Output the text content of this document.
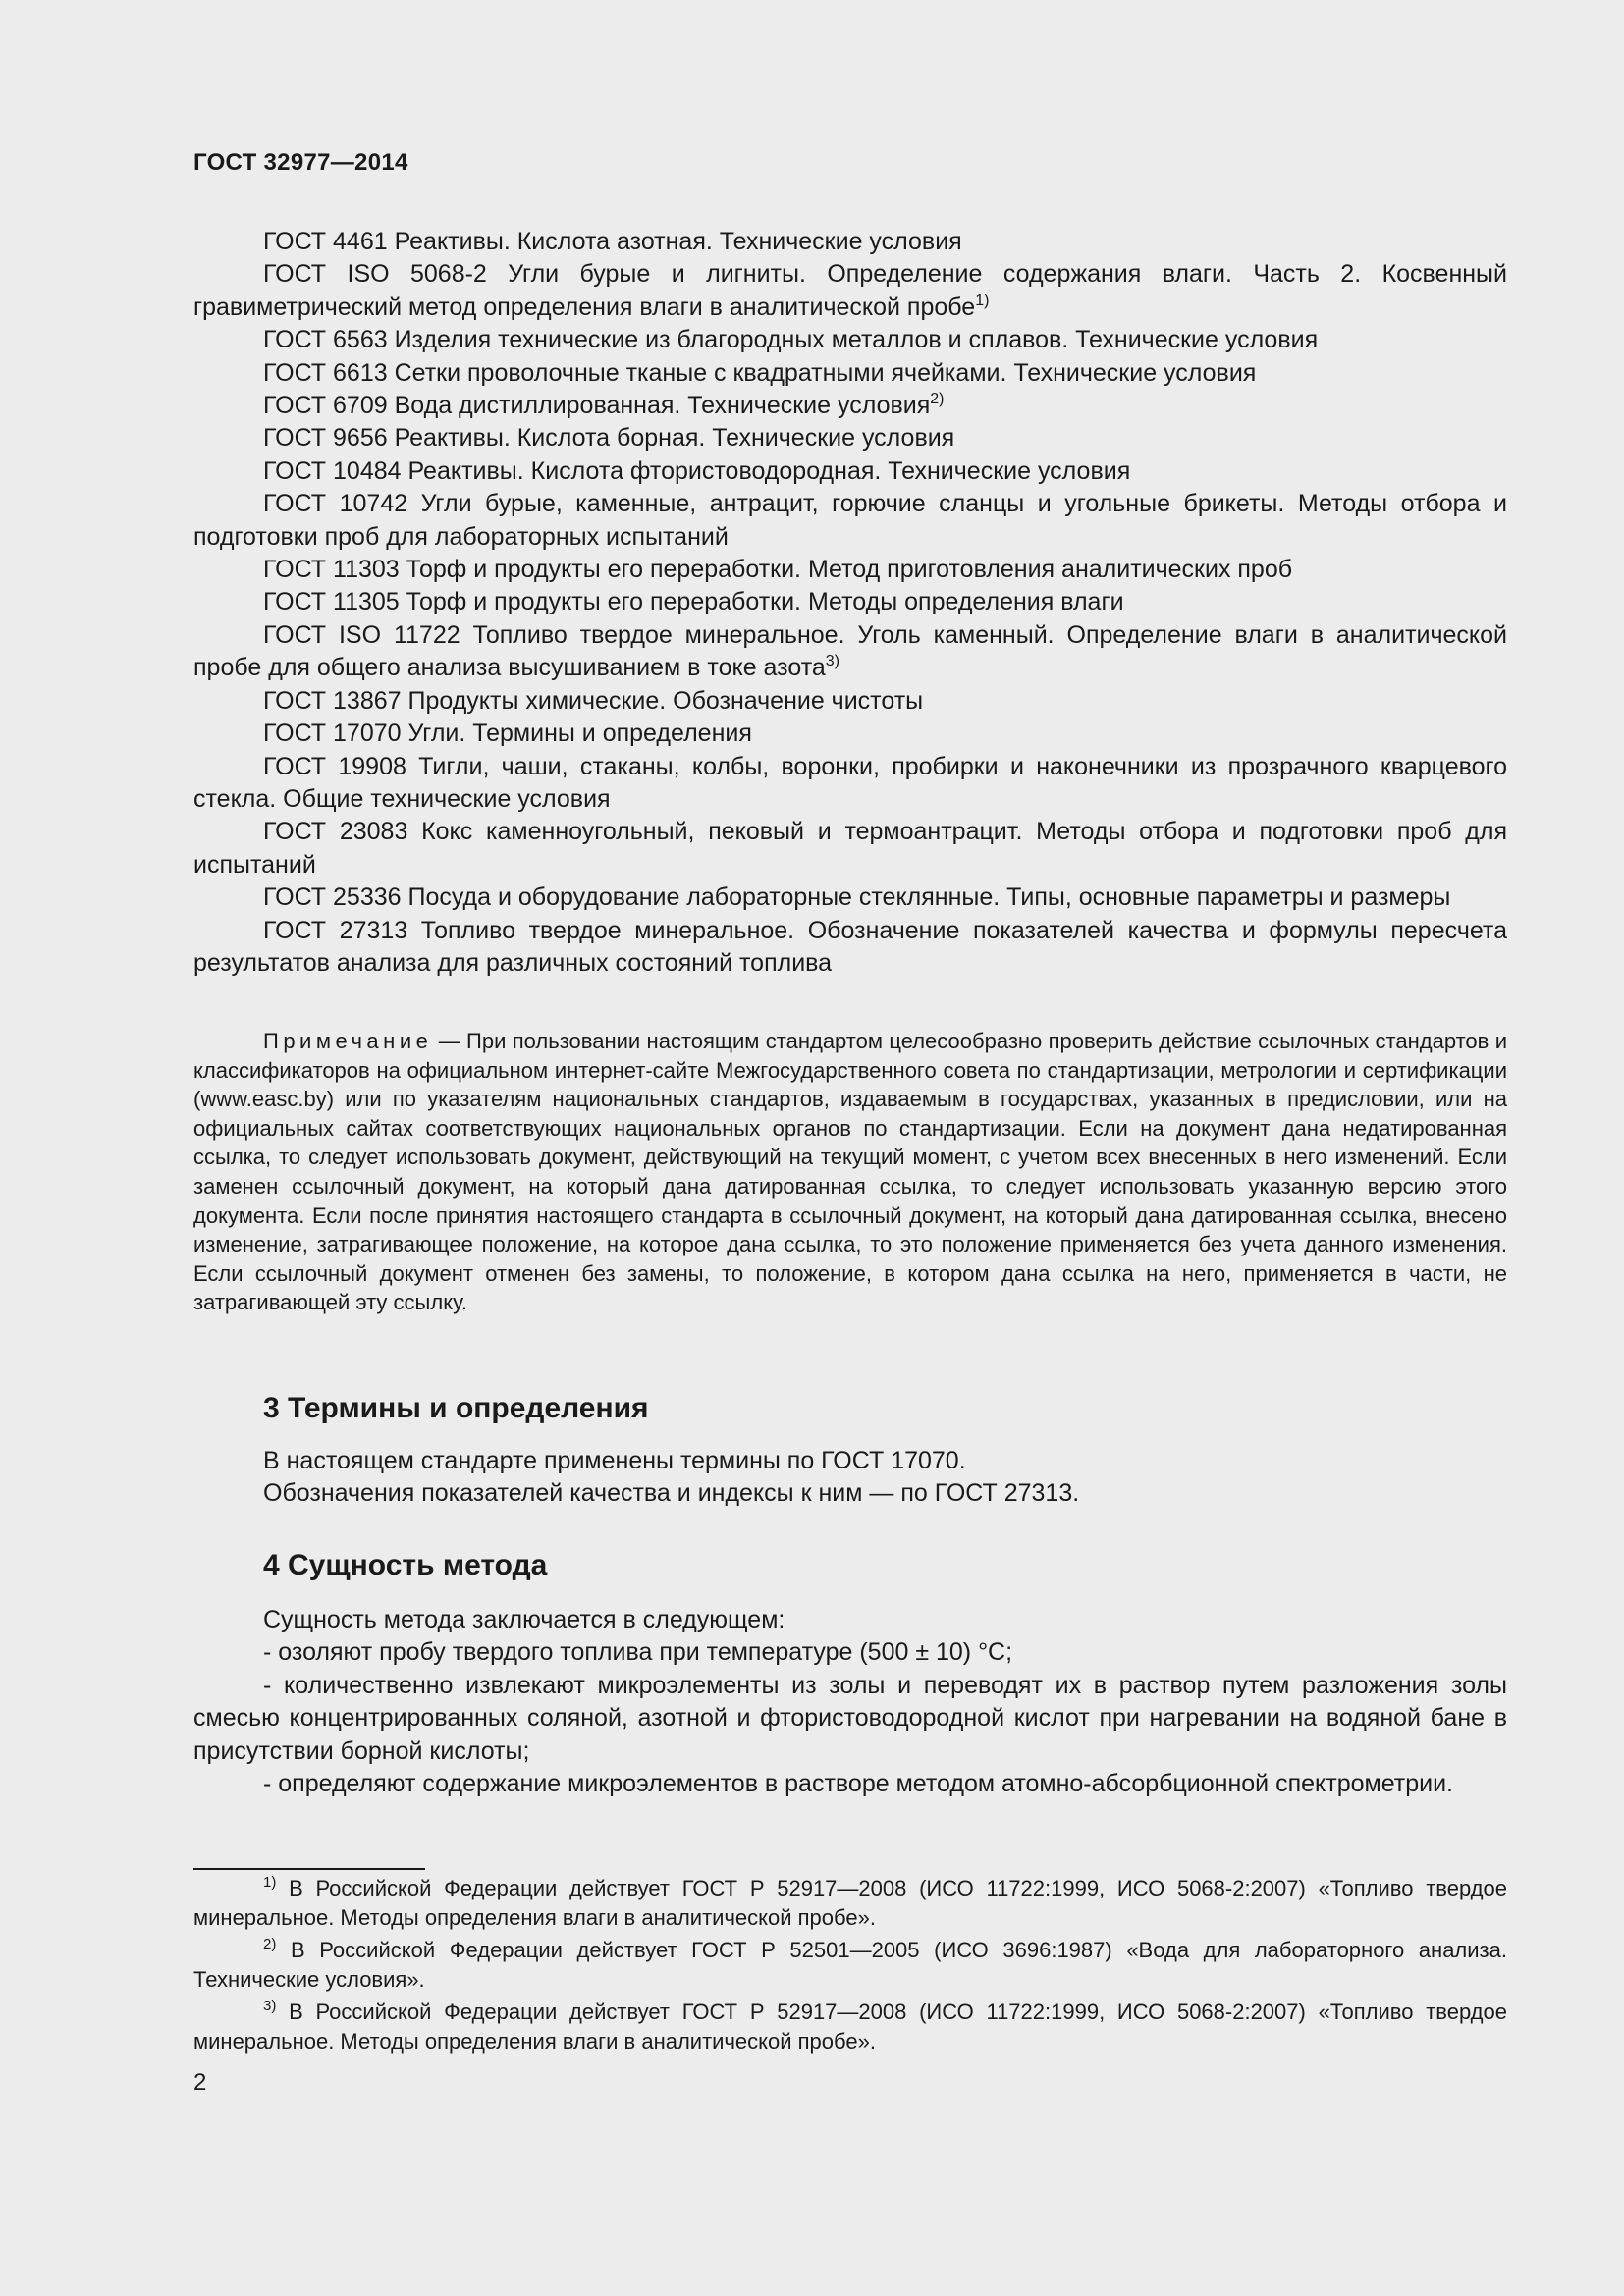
ГОСТ 32977—2014

ГОСТ 4461 Реактивы. Кислота азотная. Технические условия

ГОСТ ISO 5068-2 Угли бурые и лигниты. Определение содержания влаги. Часть 2. Косвенный гравиметрический метод определения влаги в аналитической пробе$^{1)}$

ГОСТ 6563 Изделия технические из благородных металлов и сплавов. Технические условия

ГОСТ 6613 Сетки проволочные тканые с квадратными ячейками. Технические условия

ГОСТ 6709 Вода дистиллированная. Технические условия$^{2)}$

ГОСТ 9656 Реактивы. Кислота борная. Технические условия

ГОСТ 10484 Реактивы. Кислота фтористоводородная. Технические условия

ГОСТ 10742 Угли бурые, каменные, антрацит, горючие сланцы и угольные брикеты. Методы отбора и подготовки проб для лабораторных испытаний

ГОСТ 11303 Торф и продукты его переработки. Метод приготовления аналитических проб

ГОСТ 11305 Торф и продукты его переработки. Методы определения влаги

ГОСТ ISO 11722 Топливо твердое минеральное. Уголь каменный. Определение влаги в аналитической пробе для общего анализа высушиванием в токе азота$^{3)}$

ГОСТ 13867 Продукты химические. Обозначение чистоты

ГОСТ 17070 Угли. Термины и определения

ГОСТ 19908 Тигли, чаши, стаканы, колбы, воронки, пробирки и наконечники из прозрачного кварцевого стекла. Общие технические условия

ГОСТ 23083 Кокс каменноугольный, пековый и термоантрацит. Методы отбора и подготовки проб для испытаний

ГОСТ 25336 Посуда и оборудование лабораторные стеклянные. Типы, основные параметры и размеры

ГОСТ 27313 Топливо твердое минеральное. Обозначение показателей качества и формулы пересчета результатов анализа для различных состояний топлива

Примечание — При пользовании настоящим стандартом целесообразно проверить действие ссылочных стандартов и классификаторов на официальном интернет-сайте Межгосударственного совета по стандартизации, метрологии и сертификации (www.easc.by) или по указателям национальных стандартов, издаваемым в государствах, указанных в предисловии, или на официальных сайтах соответствующих национальных органов по стандартизации. Если на документ дана недатированная ссылка, то следует использовать документ, действующий на текущий момент, с учетом всех внесенных в него изменений. Если заменен ссылочный документ, на который дана датированная ссылка, то следует использовать указанную версию этого документа. Если после принятия настоящего стандарта в ссылочный документ, на который дана датированная ссылка, внесено изменение, затрагивающее положение, на которое дана ссылка, то это положение применяется без учета данного изменения. Если ссылочный документ отменен без замены, то положение, в котором дана ссылка на него, применяется в части, не затрагивающей эту ссылку.

3 Термины и определения

В настоящем стандарте применены термины по ГОСТ 17070.

Обозначения показателей качества и индексы к ним — по ГОСТ 27313.

4 Сущность метода

Сущность метода заключается в следующем:

- озоляют пробу твердого топлива при температуре (500 ± 10) °С;

- количественно извлекают микроэлементы из золы и переводят их в раствор путем разложения золы смесью концентрированных соляной, азотной и фтористоводородной кислот при нагревании на водяной бане в присутствии борной кислоты;

- определяют содержание микроэлементов в растворе методом атомно-абсорбционной спектрометрии.

$^{1)}$ В Российской Федерации действует ГОСТ Р 52917—2008 (ИСО 11722:1999, ИСО 5068-2:2007) «Топливо твердое минеральное. Методы определения влаги в аналитической пробе».

$^{2)}$ В Российской Федерации действует ГОСТ Р 52501—2005 (ИСО 3696:1987) «Вода для лабораторного анализа. Технические условия».

$^{3)}$ В Российской Федерации действует ГОСТ Р 52917—2008 (ИСО 11722:1999, ИСО 5068-2:2007) «Топливо твердое минеральное. Методы определения влаги в аналитической пробе».

2
